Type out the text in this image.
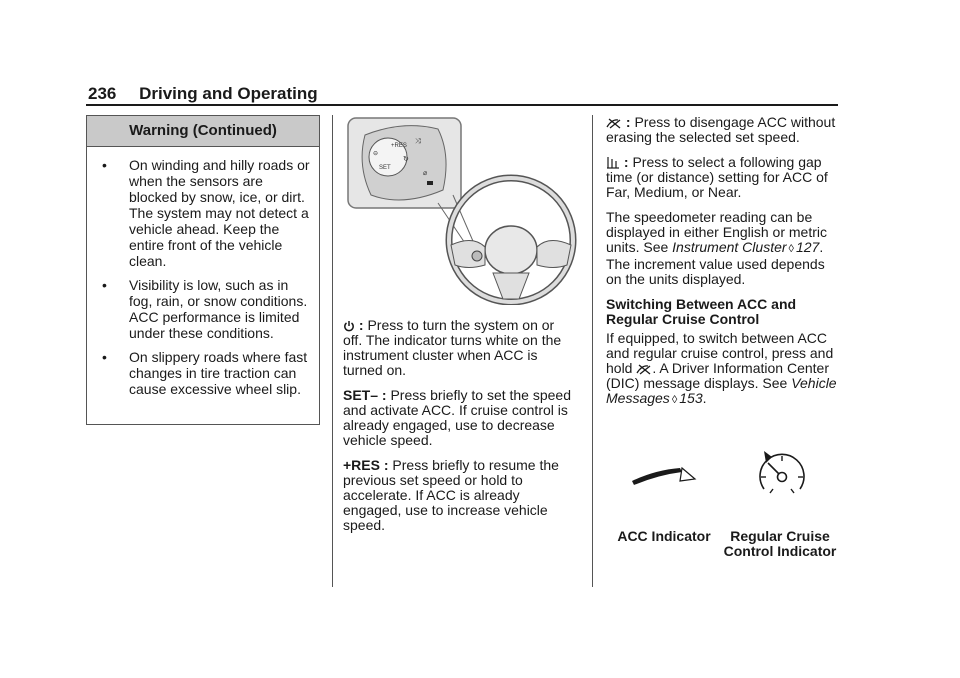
236 Driving and Operating
Warning (Continued)
• On winding and hilly roads or when the sensors are blocked by snow, ice, or dirt. The system may not detect a vehicle ahead. Keep the entire front of the vehicle clean.
• Visibility is low, such as in fog, rain, or snow conditions. ACC performance is limited under these conditions.
• On slippery roads where fast changes in tire traction can cause excessive wheel slip.
⊖
SET
+RES
⤨
↻
⌀

: Press to turn the system on or off. The indicator turns white on the instrument cluster when ACC is turned on.

SET– : Press briefly to set the speed and activate ACC. If cruise control is already engaged, use to decrease vehicle speed.

+RES : Press briefly to resume the previous set speed or hold to accelerate. If ACC is already engaged, use to increase vehicle speed.

: Press to disengage ACC without erasing the selected set speed.

: Press to select a following gap time (or distance) setting for ACC of Far, Medium, or Near.

The speedometer reading can be displayed in either English or metric units. See Instrument Cluster ◊ 127. The increment value used depends on the units displayed.

Switching Between ACC and Regular Cruise Control

If equipped, to switch between ACC and regular cruise control, press and hold . A Driver Information Center (DIC) message displays. See Vehicle Messages ◊ 153.

ACC Indicator	Regular Cruise
Control Indicator
